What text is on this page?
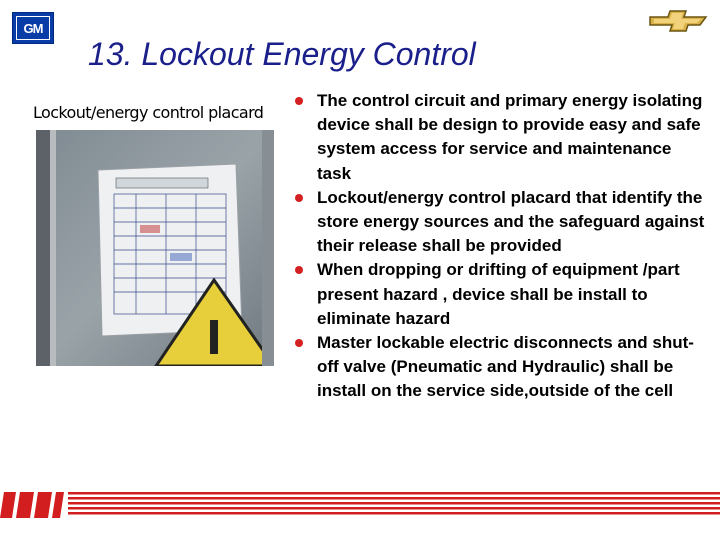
GM
13. Lockout Energy Control
Lockout/energy control placard
The control circuit and primary energy isolating device shall be design to provide easy and safe system access for service and maintenance task
Lockout/energy control placard that identify the store energy sources and the safeguard against their release shall be provided
When dropping or drifting of equipment /part present hazard , device shall be install to eliminate hazard
Master lockable electric disconnects and shut-off valve (Pneumatic and Hydraulic) shall be install on the service side,outside of the cell
